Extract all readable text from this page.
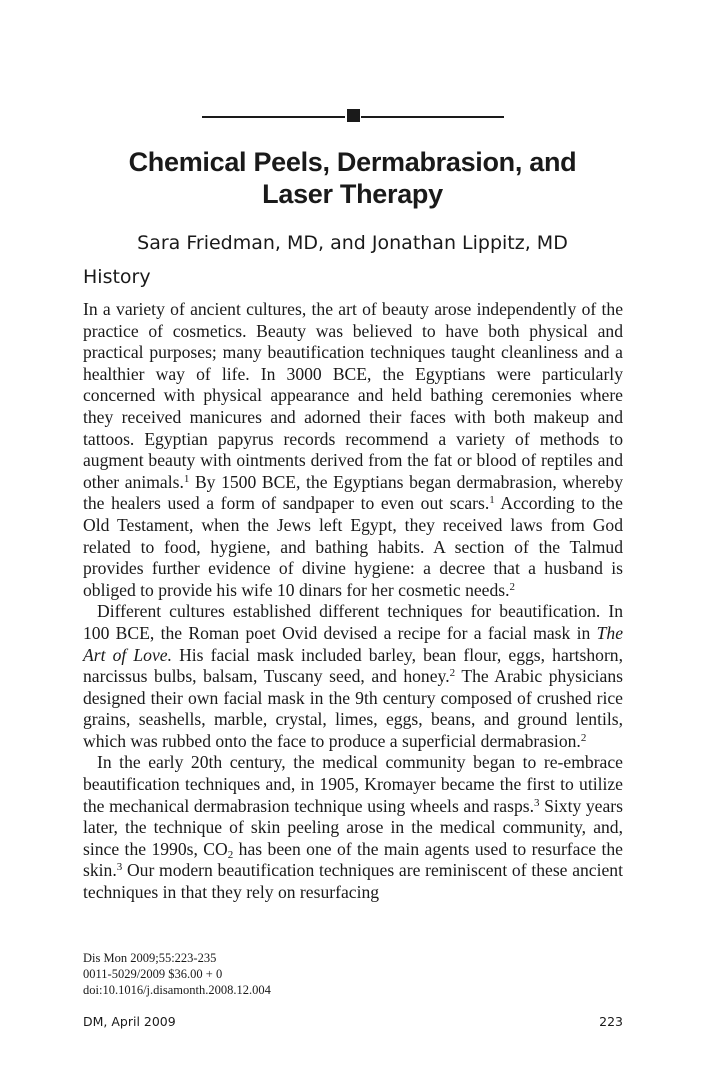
Chemical Peels, Dermabrasion, and
Laser Therapy

Sara Friedman, MD, and Jonathan Lippitz, MD

History

In a variety of ancient cultures, the art of beauty arose independently of the practice of cosmetics. Beauty was believed to have both physical and practical purposes; many beautification techniques taught cleanliness and a healthier way of life. In 3000 BCE, the Egyptians were particularly concerned with physical appearance and held bathing ceremonies where they received manicures and adorned their faces with both makeup and tattoos. Egyptian papyrus records recommend a variety of methods to augment beauty with ointments derived from the fat or blood of reptiles and other animals.$^1$ By 1500 BCE, the Egyptians began dermabrasion, whereby the healers used a form of sandpaper to even out scars.$^1$ According to the Old Testament, when the Jews left Egypt, they received laws from God related to food, hygiene, and bathing habits. A section of the Talmud provides further evidence of divine hygiene: a decree that a husband is obliged to provide his wife 10 dinars for her cosmetic needs.$^2$

Different cultures established different techniques for beautification. In 100 BCE, the Roman poet Ovid devised a recipe for a facial mask in The Art of Love. His facial mask included barley, bean flour, eggs, hartshorn, narcissus bulbs, balsam, Tuscany seed, and honey.$^2$ The Arabic physicians designed their own facial mask in the 9th century composed of crushed rice grains, seashells, marble, crystal, limes, eggs, beans, and ground lentils, which was rubbed onto the face to produce a superficial dermabrasion.$^2$

In the early 20th century, the medical community began to re-embrace beautification techniques and, in 1905, Kromayer became the first to utilize the mechanical dermabrasion technique using wheels and rasps.$^3$ Sixty years later, the technique of skin peeling arose in the medical community, and, since the 1990s, $CO_2$ has been one of the main agents used to resurface the skin.$^3$ Our modern beautification techniques are reminiscent of these ancient techniques in that they rely on resurfacing

Dis Mon 2009;55:223-235
0011-5029/2009 $36.00 + 0
doi:10.1016/j.disamonth.2008.12.004
DM, April 2009	223
